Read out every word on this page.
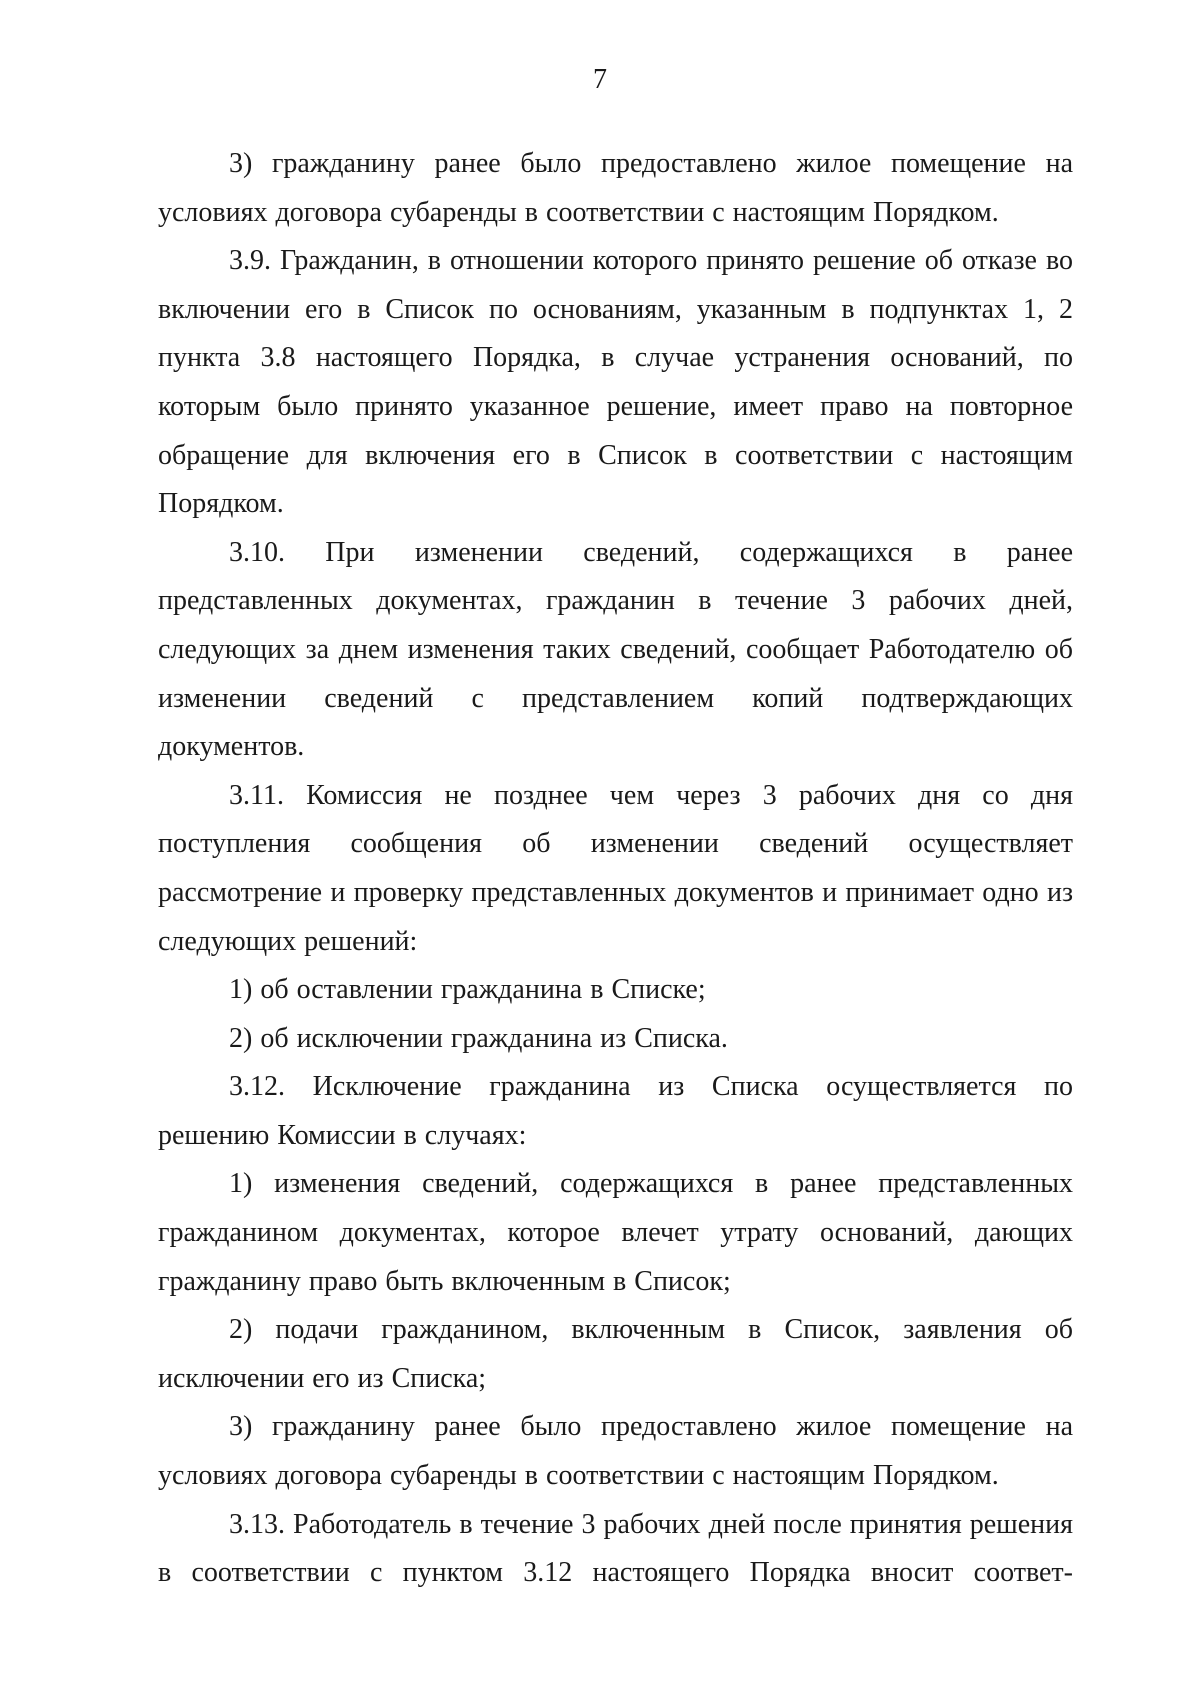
7

3) гражданину ранее было предоставлено жилое помещение на условиях договора субаренды в соответствии с настоящим Порядком.

3.9. Гражданин, в отношении которого принято решение об отказе во включении его в Список по основаниям, указанным в подпунктах 1, 2 пункта 3.8 настоящего Порядка, в случае устранения оснований, по которым было принято указанное решение, имеет право на повторное обращение для включения его в Список в соответствии с настоящим Порядком.

3.10. При изменении сведений, содержащихся в ранее представленных документах, гражданин в течение 3 рабочих дней, следующих за днем изменения таких сведений, сообщает Работодателю об изменении сведений с представлением копий подтверждающих документов.

3.11. Комиссия не позднее чем через 3 рабочих дня со дня поступления сообщения об изменении сведений осуществляет рассмотрение и проверку представленных документов и принимает одно из следующих решений:

1) об оставлении гражданина в Списке;

2) об исключении гражданина из Списка.

3.12. Исключение гражданина из Списка осуществляется по решению Комиссии в случаях:

1) изменения сведений, содержащихся в ранее представленных гражданином документах, которое влечет утрату оснований, дающих гражданину право быть включенным в Список;

2) подачи гражданином, включенным в Список, заявления об исключении его из Списка;

3) гражданину ранее было предоставлено жилое помещение на условиях договора субаренды в соответствии с настоящим Порядком.

3.13. Работодатель в течение 3 рабочих дней после принятия решения в соответствии с пунктом 3.12 настоящего Порядка вносит соответ-
